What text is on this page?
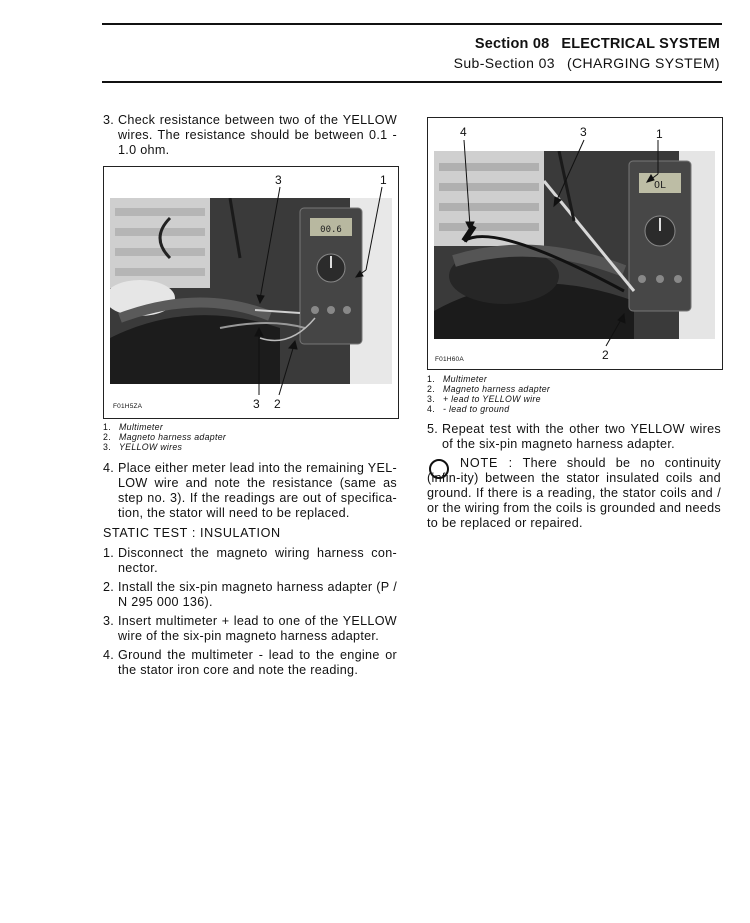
Section 08 ELECTRICAL SYSTEM
Sub-Section 03 (CHARGING SYSTEM)
3. Check resistance between two of the YELLOW wires. The resistance should be between 0.1 - 1.0 ohm.
00.6
3	1
3 2
F01H5ZA
1. Multimeter
2. Magneto harness adapter
3. YELLOW wires
4. Place either meter lead into the remaining YEL-LOW wire and note the resistance (same as step no. 3). If the readings are out of specifica-tion, the stator will need to be replaced.
STATIC TEST : INSULATION
1. Disconnect the magneto wiring harness con-nector.
2. Install the six-pin magneto harness adapter (P / N 295 000 136).
3. Insert multimeter + lead to one of the YELLOW wire of the six-pin magneto harness adapter.
4. Ground the multimeter - lead to the engine or the stator iron core and note the reading.
OL
4	3	1
2
F01H60A
1. Multimeter
2. Magneto harness adapter
3. + lead to YELLOW wire
4. - lead to ground
5. Repeat test with the other two YELLOW wires of the six-pin magneto harness adapter.
NOTE : There should be no continuity (infin-ity) between the stator insulated coils and ground. If there is a reading, the stator coils and / or the wiring from the coils is grounded and needs to be replaced or repaired.
